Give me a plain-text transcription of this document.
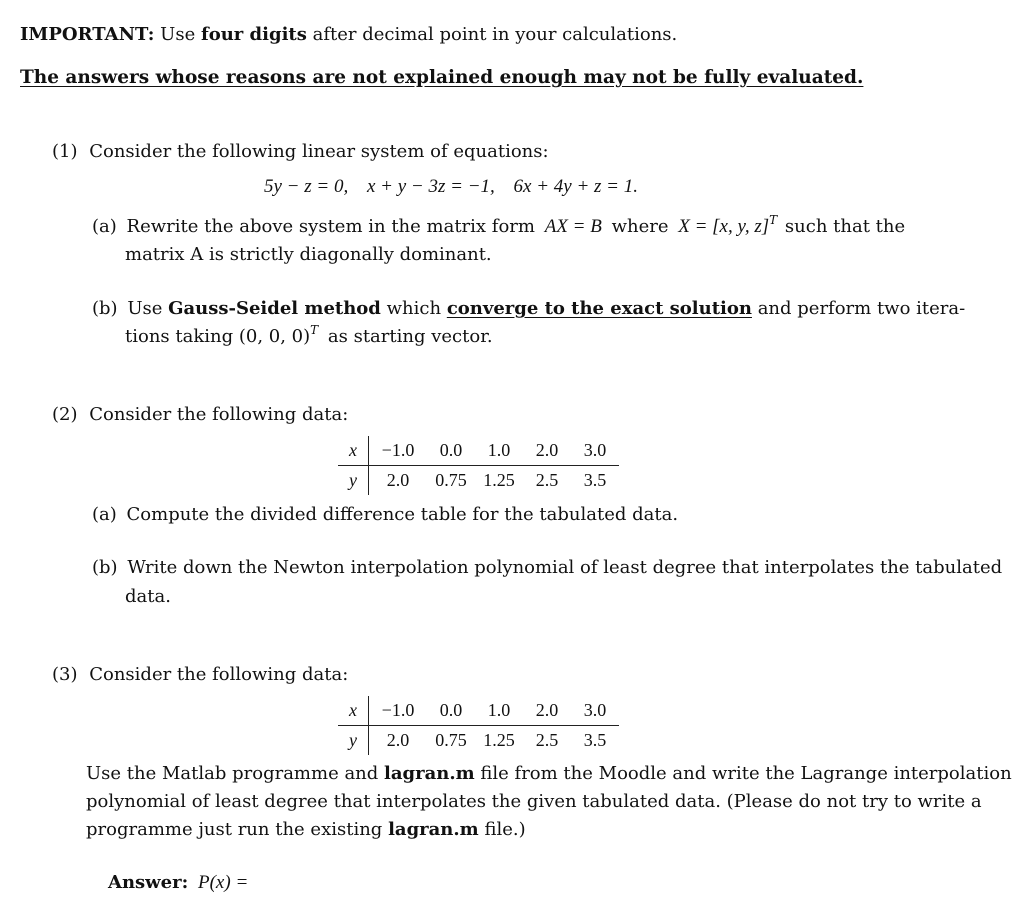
IMPORTANT: Use four digits after decimal point in your calculations.
The answers whose reasons are not explained enough may not be fully evaluated.
(1) Consider the following linear system of equations:
5y − z = 0, x + y − 3z = −1, 6x + 4y + z = 1.
(a) Rewrite the above system in the matrix form AX = B where X = [x, y, z]$^T$ such that the
matrix A is strictly diagonally dominant.
(b) Use Gauss-Seidel method which converge to the exact solution and perform two itera-
tions taking (0, 0, 0)$^T$ as starting vector.
(2) Consider the following data:
x	−1.0	0.0	1.0	2.0	3.0
y	2.0	0.75	1.25	2.5	3.5
(a) Compute the divided difference table for the tabulated data.
(b) Write down the Newton interpolation polynomial of least degree that interpolates the tabulated
data.
(3) Consider the following data:
x	−1.0	0.0	1.0	2.0	3.0
y	2.0	0.75	1.25	2.5	3.5
Use the Matlab programme and lagran.m file from the Moodle and write the Lagrange interpolation
polynomial of least degree that interpolates the given tabulated data. (Please do not try to write a
programme just run the existing lagran.m file.)
Answer: P(x) =
